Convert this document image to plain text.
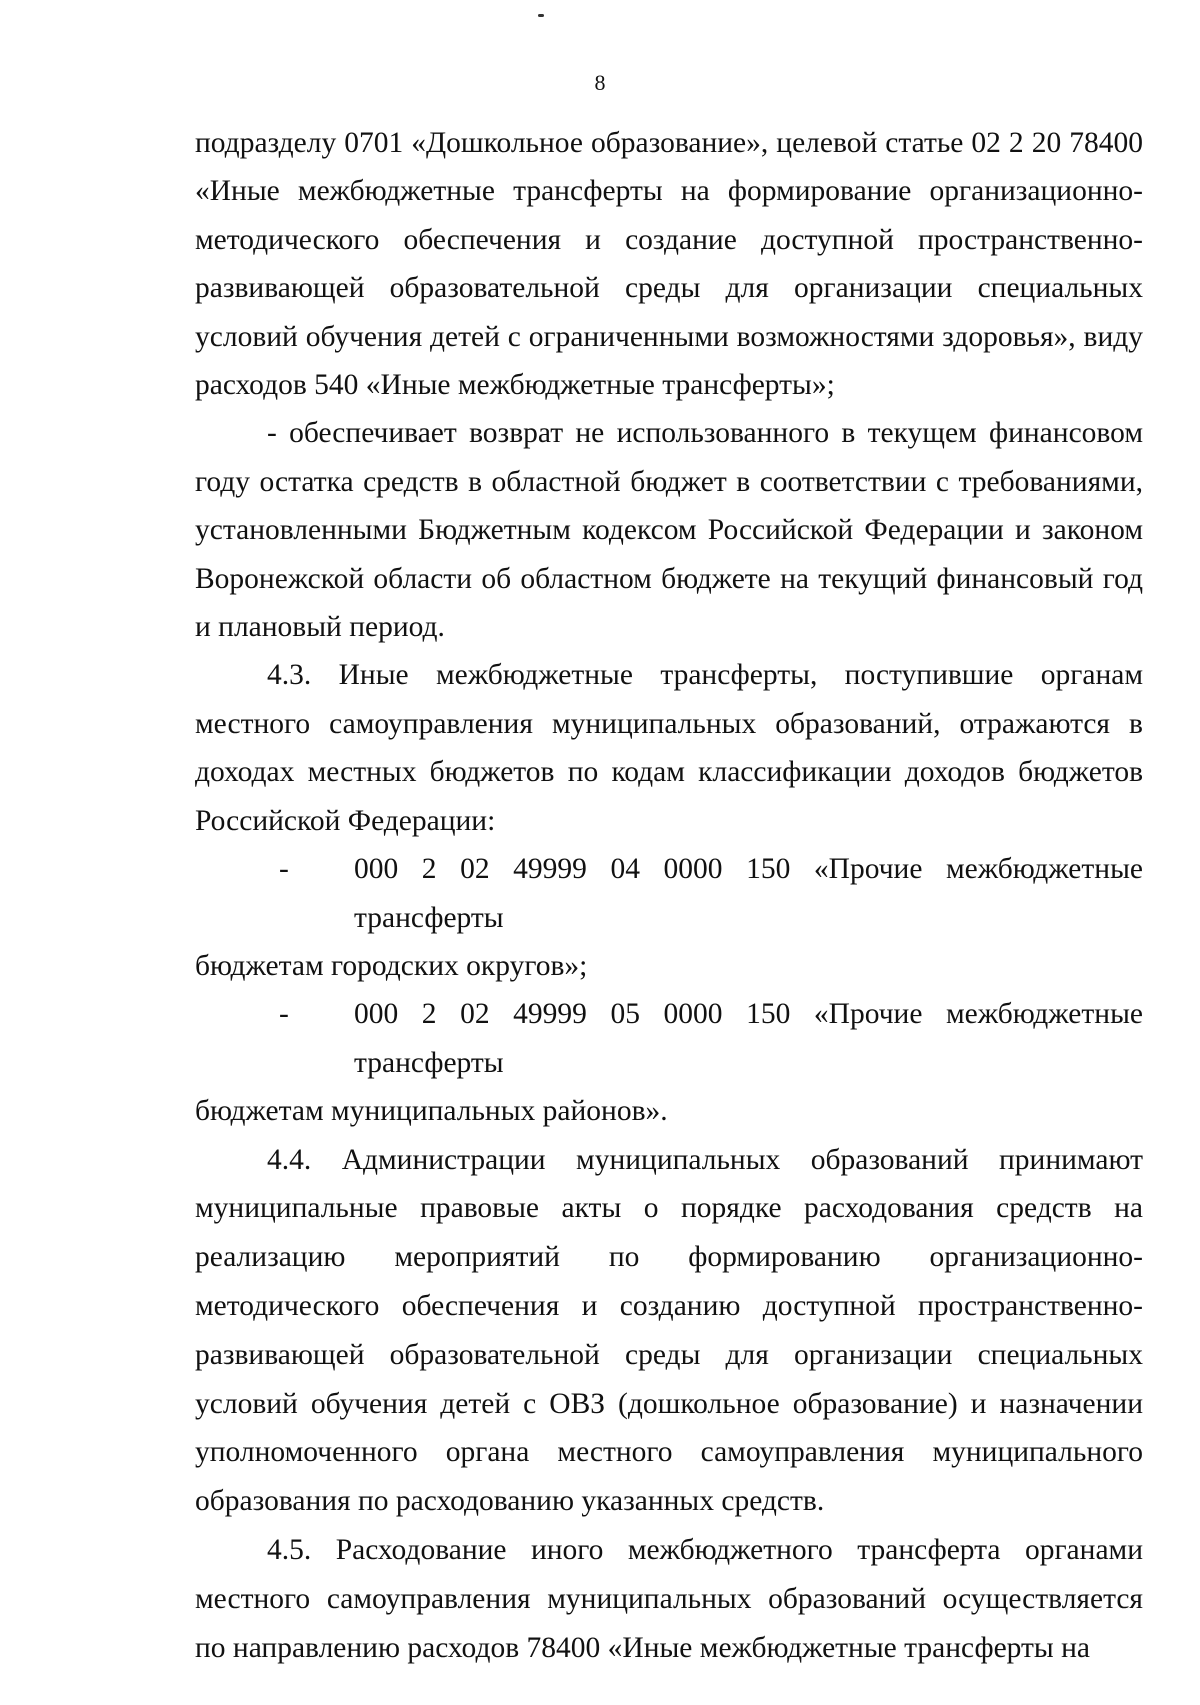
8

подразделу 0701 «Дошкольное образование», целевой статье 02 2 20 78400 «Иные межбюджетные трансферты на формирование организационно-методического обеспечения и создание доступной пространственно-развивающей образовательной среды для организации специальных условий обучения детей с ограниченными возможностями здоровья», виду расходов 540 «Иные межбюджетные трансферты»;

- обеспечивает возврат не использованного в текущем финансовом году остатка средств в областной бюджет в соответствии с требованиями, установленными Бюджетным кодексом Российской Федерации и законом Воронежской области об областном бюджете на текущий финансовый год и плановый период.

4.3. Иные межбюджетные трансферты, поступившие органам местного самоуправления муниципальных образований, отражаются в доходах местных бюджетов по кодам классификации доходов бюджетов Российской Федерации:

-	000 2 02 49999 04 0000 150 «Прочие межбюджетные трансферты
бюджетам городских округов»;
-	000 2 02 49999 05 0000 150 «Прочие межбюджетные трансферты
бюджетам муниципальных районов».

4.4. Администрации муниципальных образований принимают муниципальные правовые акты о порядке расходования средств на реализацию мероприятий по формированию организационно-методического обеспечения и созданию доступной пространственно-развивающей образовательной среды для организации специальных условий обучения детей с ОВЗ (дошкольное образование) и назначении уполномоченного органа местного самоуправления муниципального образования по расходованию указанных средств.

4.5. Расходование иного межбюджетного трансферта органами местного самоуправления муниципальных образований осуществляется по направлению расходов 78400 «Иные межбюджетные трансферты на
